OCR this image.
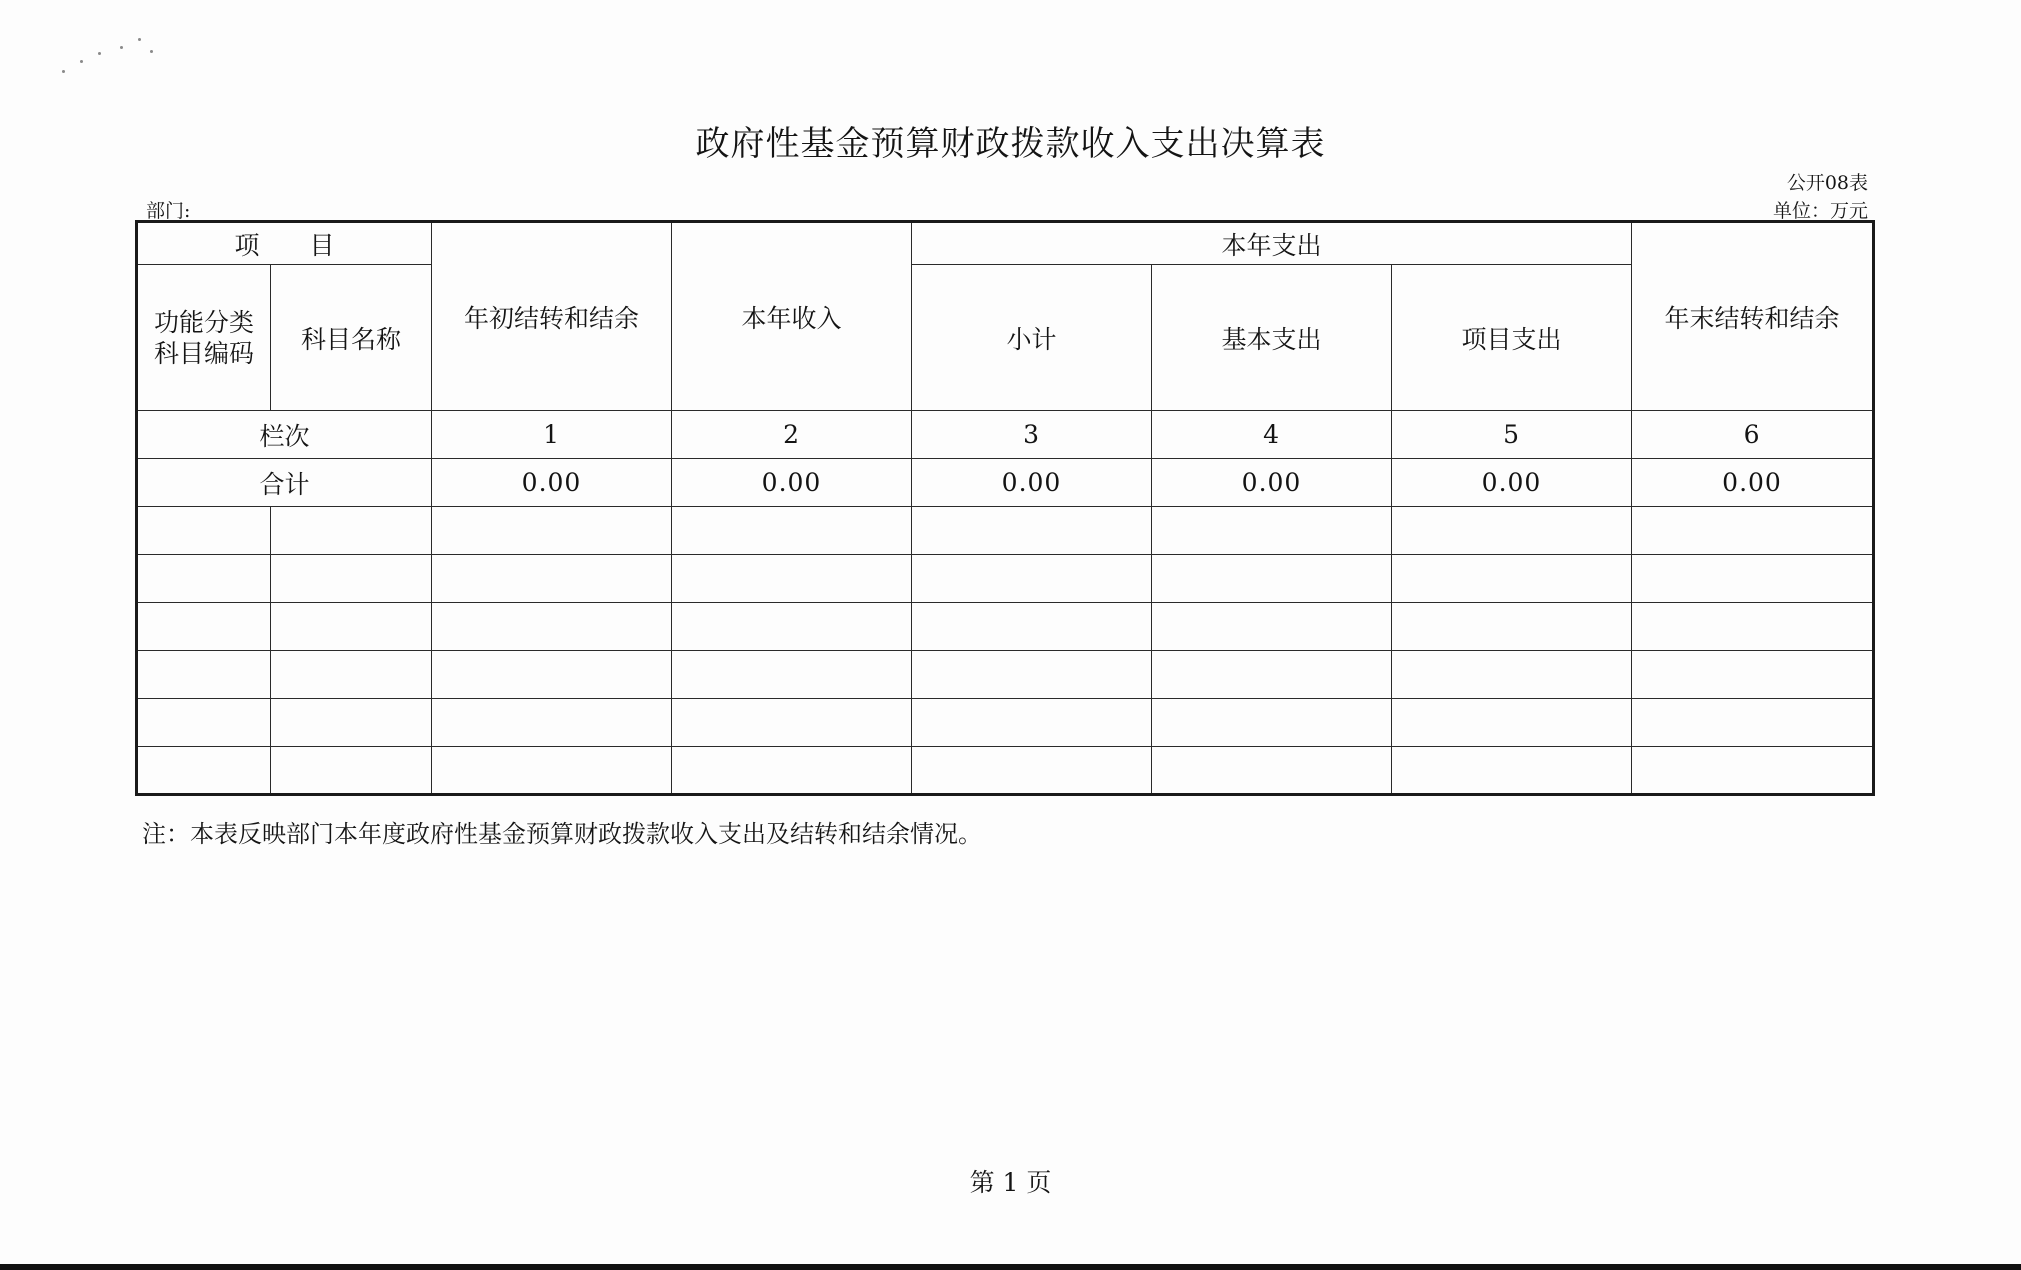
政府性基金预算财政拨款收入支出决算表
公开08表
部门:	单位：万元
项　　目		年初结转和结余	本年收入	本年支出			年末结转和结余
功能分类
科目编码	科目名称			小计	基本支出	项目支出	
栏次		1	2	3	4	5	6
合计		0.00	0.00	0.00	0.00	0.00	0.00

注：本表反映部门本年度政府性基金预算财政拨款收入支出及结转和结余情况。
第 1 页
